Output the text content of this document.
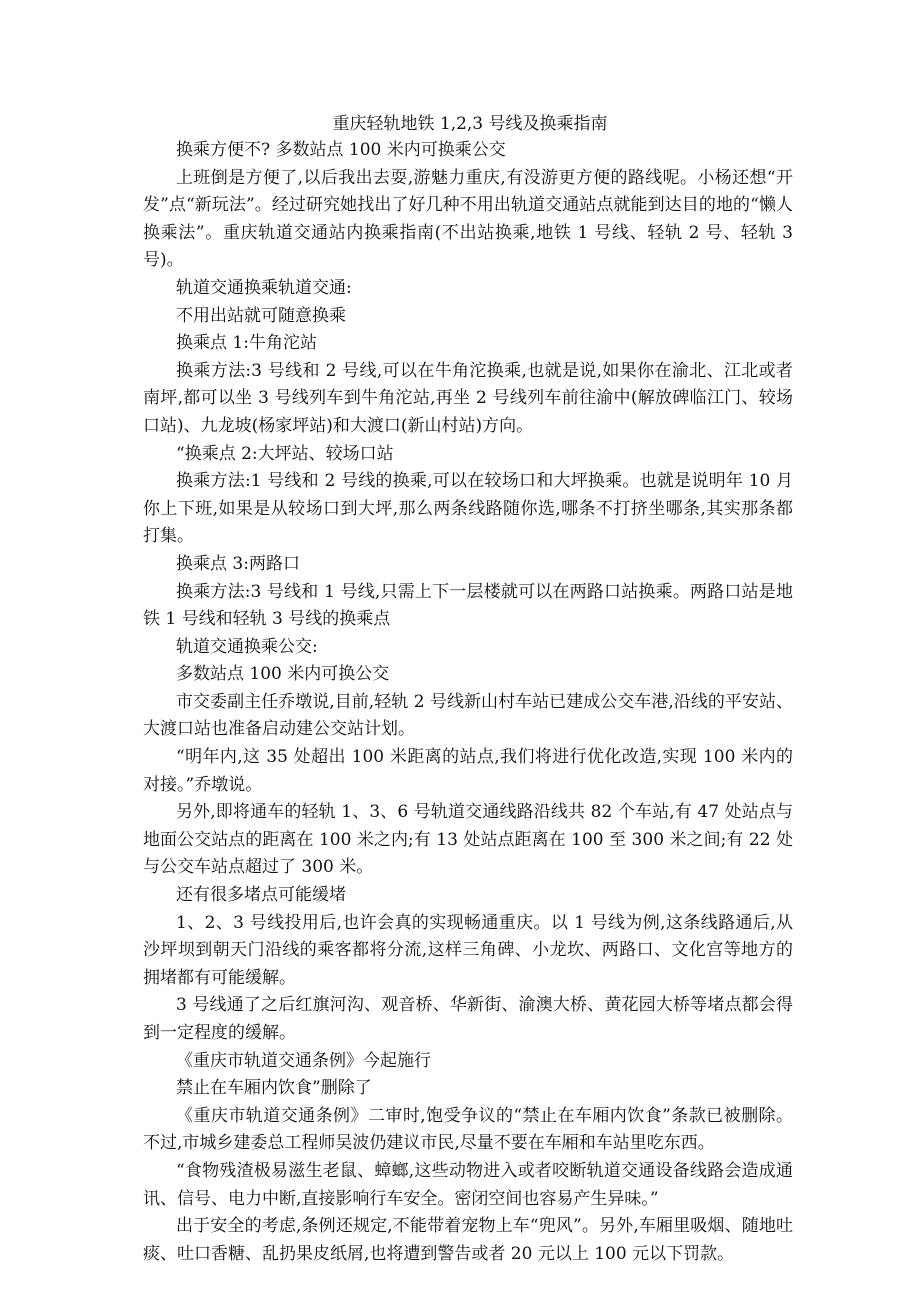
重庆轻轨地铁 1,2,3 号线及换乘指南

换乘方便不? 多数站点 100 米内可换乘公交

上班倒是方便了,以后我出去耍,游魅力重庆,有没游更方便的路线呢。小杨还想“开发”点“新玩法”。经过研究她找出了好几种不用出轨道交通站点就能到达目的地的“懒人换乘法”。重庆轨道交通站内换乘指南(不出站换乘,地铁 1 号线、轻轨 2 号、轻轨 3 号)。

轨道交通换乘轨道交通:

不用出站就可随意换乘

换乘点 1:牛角沱站

换乘方法:3 号线和 2 号线,可以在牛角沱换乘,也就是说,如果你在渝北、江北或者南坪,都可以坐 3 号线列车到牛角沱站,再坐 2 号线列车前往渝中(解放碑临江门、较场口站)、九龙坡(杨家坪站)和大渡口(新山村站)方向。

“换乘点 2:大坪站、较场口站

换乘方法:1 号线和 2 号线的换乘,可以在较场口和大坪换乘。也就是说明年 10 月你上下班,如果是从较场口到大坪,那么两条线路随你选,哪条不打挤坐哪条,其实那条都打集。

换乘点 3:两路口

换乘方法:3 号线和 1 号线,只需上下一层楼就可以在两路口站换乘。两路口站是地铁 1 号线和轻轨 3 号线的换乘点

轨道交通换乘公交:

多数站点 100 米内可换公交

市交委副主任乔墩说,目前,轻轨 2 号线新山村车站已建成公交车港,沿线的平安站、大渡口站也准备启动建公交站计划。

“明年内,这 35 处超出 100 米距离的站点,我们将进行优化改造,实现 100 米内的对接。”乔墩说。

另外,即将通车的轻轨 1、3、6 号轨道交通线路沿线共 82 个车站,有 47 处站点与地面公交站点的距离在 100 米之内;有 13 处站点距离在 100 至 300 米之间;有 22 处与公交车站点超过了 300 米。

还有很多堵点可能缓堵

1、2、3 号线投用后,也许会真的实现畅通重庆。以 1 号线为例,这条线路通后,从沙坪坝到朝天门沿线的乘客都将分流,这样三角碑、小龙坎、两路口、文化宫等地方的拥堵都有可能缓解。

3 号线通了之后红旗河沟、观音桥、华新街、渝澳大桥、黄花园大桥等堵点都会得到一定程度的缓解。

《重庆市轨道交通条例》今起施行

禁止在车厢内饮食”删除了

《重庆市轨道交通条例》二审时,饱受争议的“禁止在车厢内饮食”条款已被删除。不过,市城乡建委总工程师吴波仍建议市民,尽量不要在车厢和车站里吃东西。

“食物残渣极易滋生老鼠、蟑螂,这些动物进入或者咬断轨道交通设备线路会造成通讯、信号、电力中断,直接影响行车安全。密闭空间也容易产生异味。”

出于安全的考虑,条例还规定,不能带着宠物上车“兜风”。另外,车厢里吸烟、随地吐痰、吐口香糖、乱扔果皮纸屑,也将遭到警告或者 20 元以上 100 元以下罚款。
